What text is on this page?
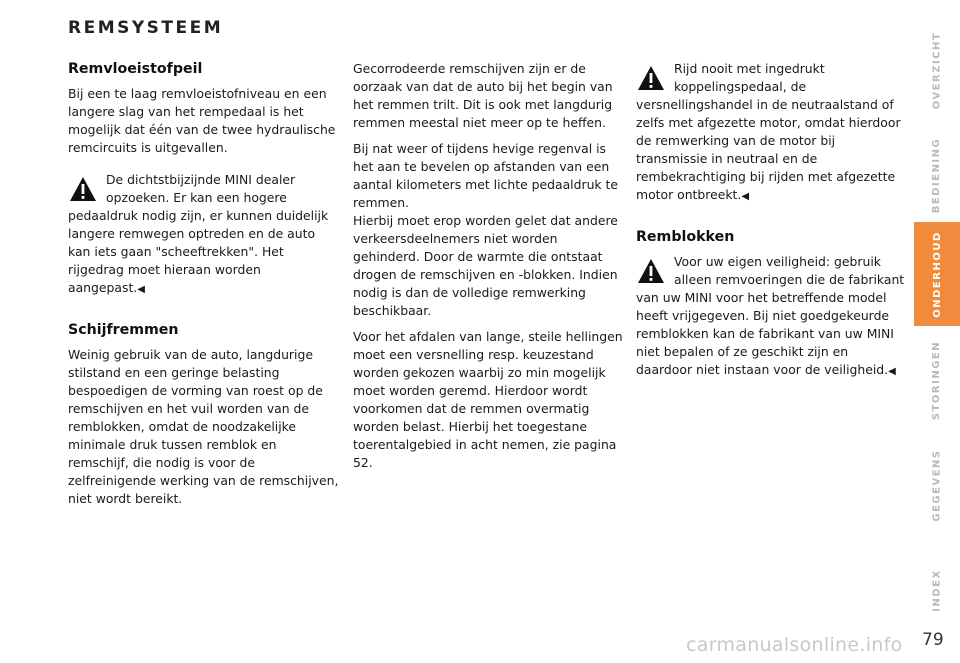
REMSYSTEEM
Remvloeistofpeil

Bij een te laag remvloeistofniveau en een langere slag van het rempedaal is het mogelijk dat één van de twee hydraulische remcircuits is uitgevallen.

De dichtstbijzijnde MINI dealer opzoeken. Er kan een hogere pedaaldruk nodig zijn, er kunnen duidelijk langere remwegen optreden en de auto kan iets gaan "scheeftrekken". Het rijgedrag moet hieraan worden aangepast.◀
Schijfremmen

Weinig gebruik van de auto, langdurige stilstand en een geringe belasting bespoedigen de vorming van roest op de remschijven en het vuil worden van de remblokken, omdat de noodzakelijke minimale druk tussen remblok en remschijf, die nodig is voor de zelfreinigende werking van de remschijven, niet wordt bereikt.

Gecorrodeerde remschijven zijn er de oorzaak van dat de auto bij het begin van het remmen trilt. Dit is ook met langdurig remmen meestal niet meer op te heffen.

Bij nat weer of tijdens hevige regenval is het aan te bevelen op afstanden van een aantal kilometers met lichte pedaaldruk te remmen.
Hierbij moet erop worden gelet dat andere verkeersdeelnemers niet worden gehinderd. Door de warmte die ontstaat drogen de remschijven en -blokken. Indien nodig is dan de volledige remwerking beschikbaar.

Voor het afdalen van lange, steile hellingen moet een versnelling resp. keuzestand worden gekozen waarbij zo min mogelijk moet worden geremd. Hierdoor wordt voorkomen dat de remmen overmatig worden belast. Hierbij het toegestane toerentalgebied in acht nemen, zie pagina 52.

Rijd nooit met ingedrukt koppelingspedaal, de versnellingshandel in de neutraalstand of zelfs met afgezette motor, omdat hierdoor de remwerking van de motor bij transmissie in neutraal en de rembekrachtiging bij rijden met afgezette motor ontbreekt.◀
Remblokken
Voor uw eigen veiligheid: gebruik alleen remvoeringen die de fabrikant van uw MINI voor het betreffende model heeft vrijgegeven. Bij niet goedgekeurde remblokken kan de fabrikant van uw MINI niet bepalen of ze geschikt zijn en daardoor niet instaan voor de veiligheid.◀
OVERZICHT
BEDIENING
ONDERHOUD
STORINGEN
GEGEVENS
INDEX
carmanualsonline.info 79
